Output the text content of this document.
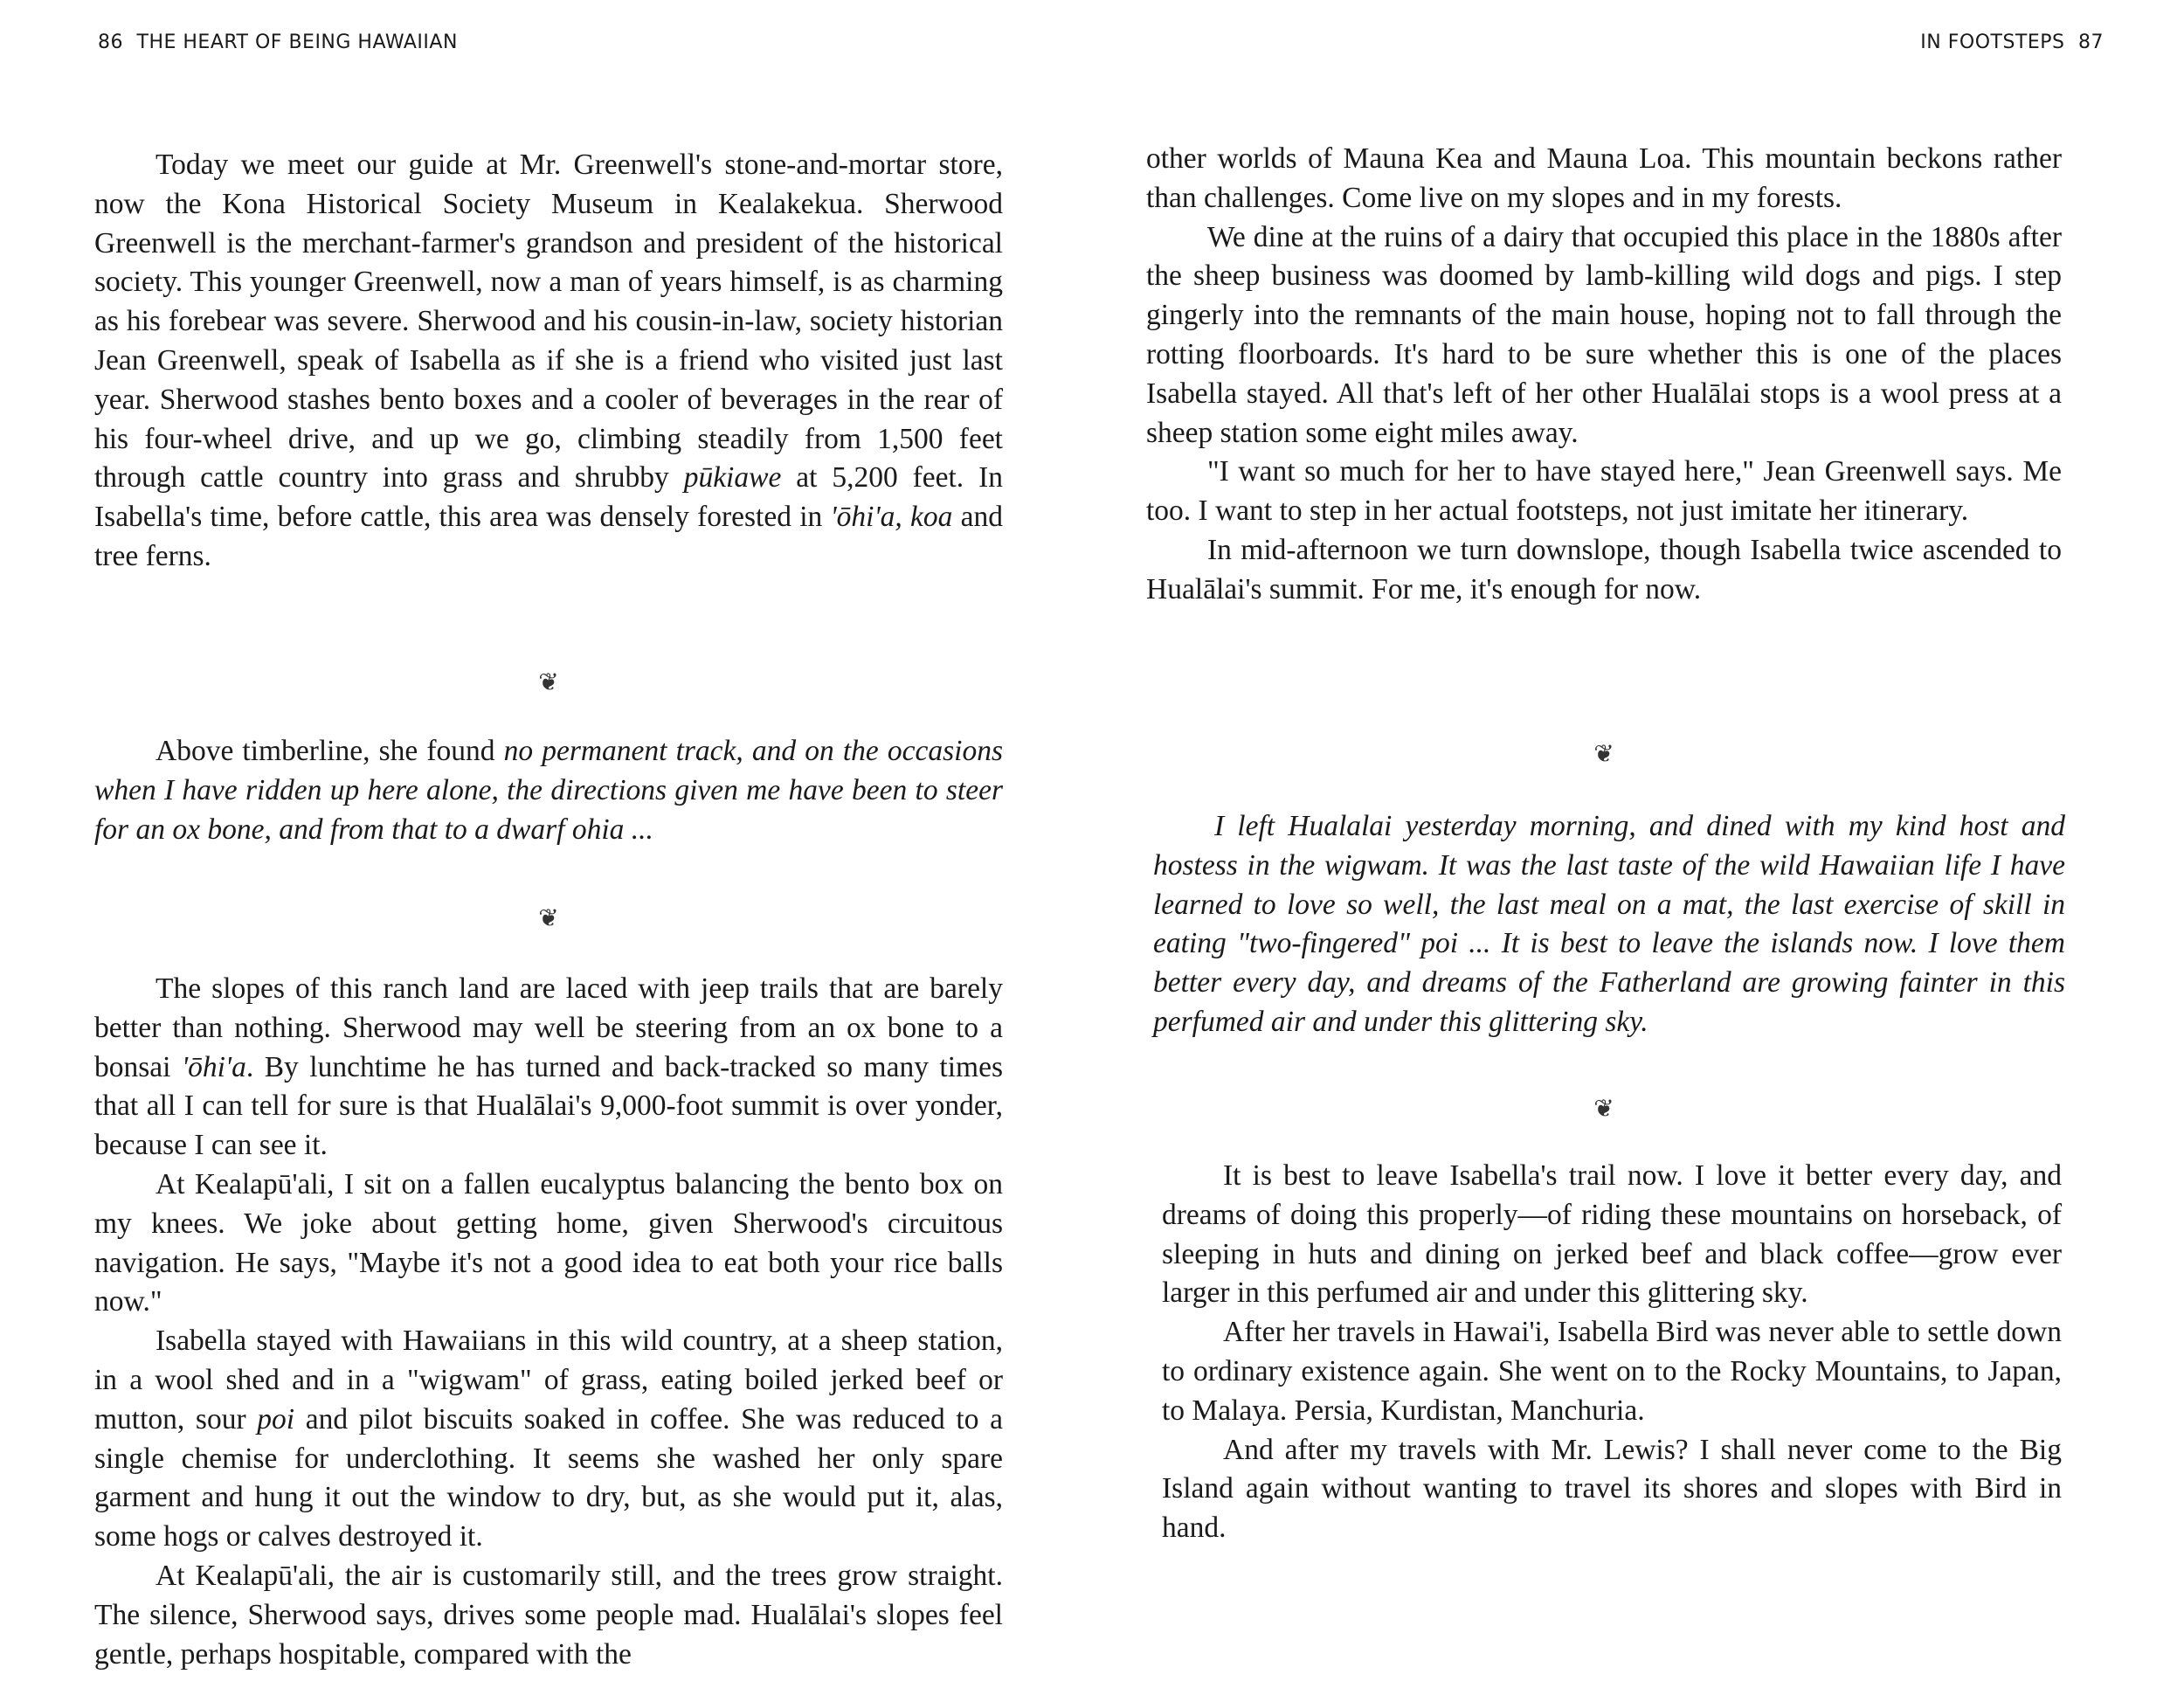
86 THE HEART OF BEING HAWAIIAN

Today we meet our guide at Mr. Greenwell's stone-and-mortar store, now the Kona Historical Society Museum in Kealakekua. Sherwood Greenwell is the merchant-farmer's grandson and president of the historical society. This younger Greenwell, now a man of years himself, is as charming as his forebear was severe. Sherwood and his cousin-in-law, society historian Jean Greenwell, speak of Isabella as if she is a friend who visited just last year. Sherwood stashes bento boxes and a cooler of beverages in the rear of his four-wheel drive, and up we go, climbing steadily from 1,500 feet through cattle country into grass and shrubby pūkiawe at 5,200 feet. In Isabella's time, before cattle, this area was densely forested in 'ōhi'a, koa and tree ferns.

❦

Above timberline, she found no permanent track, and on the occasions when I have ridden up here alone, the directions given me have been to steer for an ox bone, and from that to a dwarf ohia ...

❦

The slopes of this ranch land are laced with jeep trails that are barely better than nothing. Sherwood may well be steering from an ox bone to a bonsai 'ōhi'a. By lunchtime he has turned and back-tracked so many times that all I can tell for sure is that Hualālai's 9,000-foot summit is over yonder, because I can see it.

At Kealapū'ali, I sit on a fallen eucalyptus balancing the bento box on my knees. We joke about getting home, given Sherwood's circuitous navigation. He says, "Maybe it's not a good idea to eat both your rice balls now."

Isabella stayed with Hawaiians in this wild country, at a sheep station, in a wool shed and in a "wigwam" of grass, eating boiled jerked beef or mutton, sour poi and pilot biscuits soaked in coffee. She was reduced to a single chemise for underclothing. It seems she washed her only spare garment and hung it out the window to dry, but, as she would put it, alas, some hogs or calves destroyed it.

At Kealapū'ali, the air is customarily still, and the trees grow straight. The silence, Sherwood says, drives some people mad. Hualālai's slopes feel gentle, perhaps hospitable, compared with the

IN FOOTSTEPS 87

other worlds of Mauna Kea and Mauna Loa. This mountain beckons rather than challenges. Come live on my slopes and in my forests.

We dine at the ruins of a dairy that occupied this place in the 1880s after the sheep business was doomed by lamb-killing wild dogs and pigs. I step gingerly into the remnants of the main house, hoping not to fall through the rotting floorboards. It's hard to be sure whether this is one of the places Isabella stayed. All that's left of her other Hualālai stops is a wool press at a sheep station some eight miles away.

"I want so much for her to have stayed here," Jean Greenwell says. Me too. I want to step in her actual footsteps, not just imitate her itinerary.

In mid-afternoon we turn downslope, though Isabella twice ascended to Hualālai's summit. For me, it's enough for now.

❦

I left Hualalai yesterday morning, and dined with my kind host and hostess in the wigwam. It was the last taste of the wild Hawaiian life I have learned to love so well, the last meal on a mat, the last exercise of skill in eating "two-fingered" poi ... It is best to leave the islands now. I love them better every day, and dreams of the Fatherland are growing fainter in this perfumed air and under this glittering sky.

❦

It is best to leave Isabella's trail now. I love it better every day, and dreams of doing this properly—of riding these mountains on horseback, of sleeping in huts and dining on jerked beef and black coffee—grow ever larger in this perfumed air and under this glittering sky.

After her travels in Hawai'i, Isabella Bird was never able to settle down to ordinary existence again. She went on to the Rocky Mountains, to Japan, to Malaya. Persia, Kurdistan, Manchuria.

And after my travels with Mr. Lewis? I shall never come to the Big Island again without wanting to travel its shores and slopes with Bird in hand.
